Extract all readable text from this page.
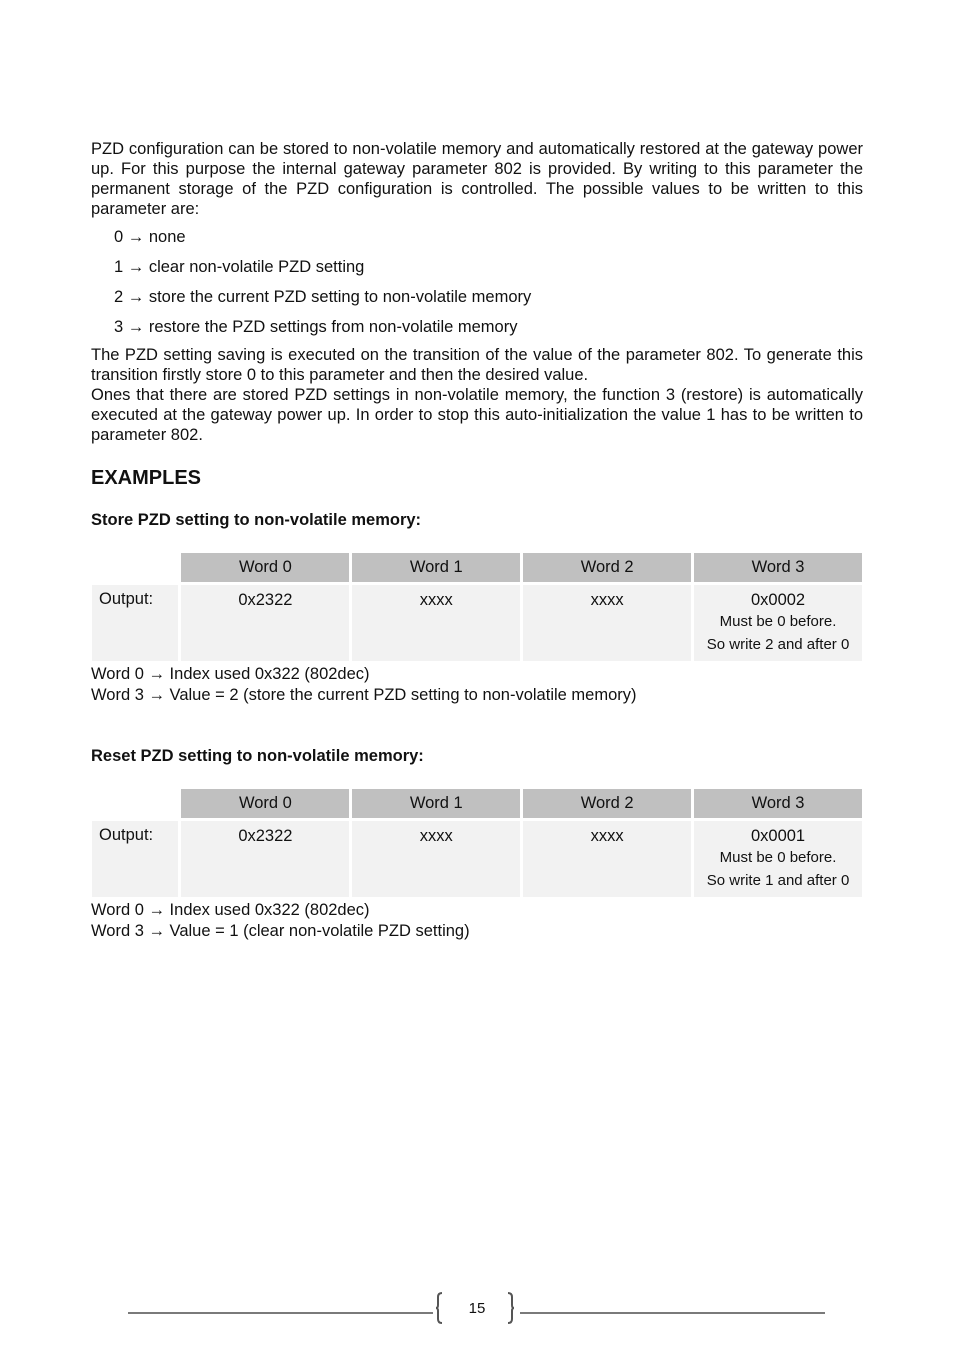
PZD configuration can be stored to non-volatile memory and automatically restored at the gateway power up. For this purpose the internal gateway parameter 802 is provided. By writing to this parameter the permanent storage of the PZD configuration is controlled. The possible values to be written to this parameter are:

0 → none
1 → clear non-volatile PZD setting
2 → store the current PZD setting to non-volatile memory
3 → restore the PZD settings from non-volatile memory

The PZD setting saving is executed on the transition of the value of the parameter 802. To generate this transition firstly store 0 to this parameter and then the desired value.

Ones that there are stored PZD settings in non-volatile memory, the function 3 (restore) is automatically executed at the gateway power up. In order to stop this auto-initialization the value 1 has to be written to parameter 802.

EXAMPLES
Store PZD setting to non-volatile memory:
	Word 0	Word 1	Word 2	Word 3
Output:	0x2322	xxxx	xxxx	0x0002
Must be 0 before.
So write 2 and after 0
Word 0 → Index used 0x322 (802dec)
Word 3 → Value = 2 (store the current PZD setting to non-volatile memory)
Reset PZD setting to non-volatile memory:
	Word 0	Word 1	Word 2	Word 3
Output:	0x2322	xxxx	xxxx	0x0001
Must be 0 before.
So write 1 and after 0
Word 0 → Index used 0x322 (802dec)
Word 3 → Value = 1 (clear non-volatile PZD setting)
15
